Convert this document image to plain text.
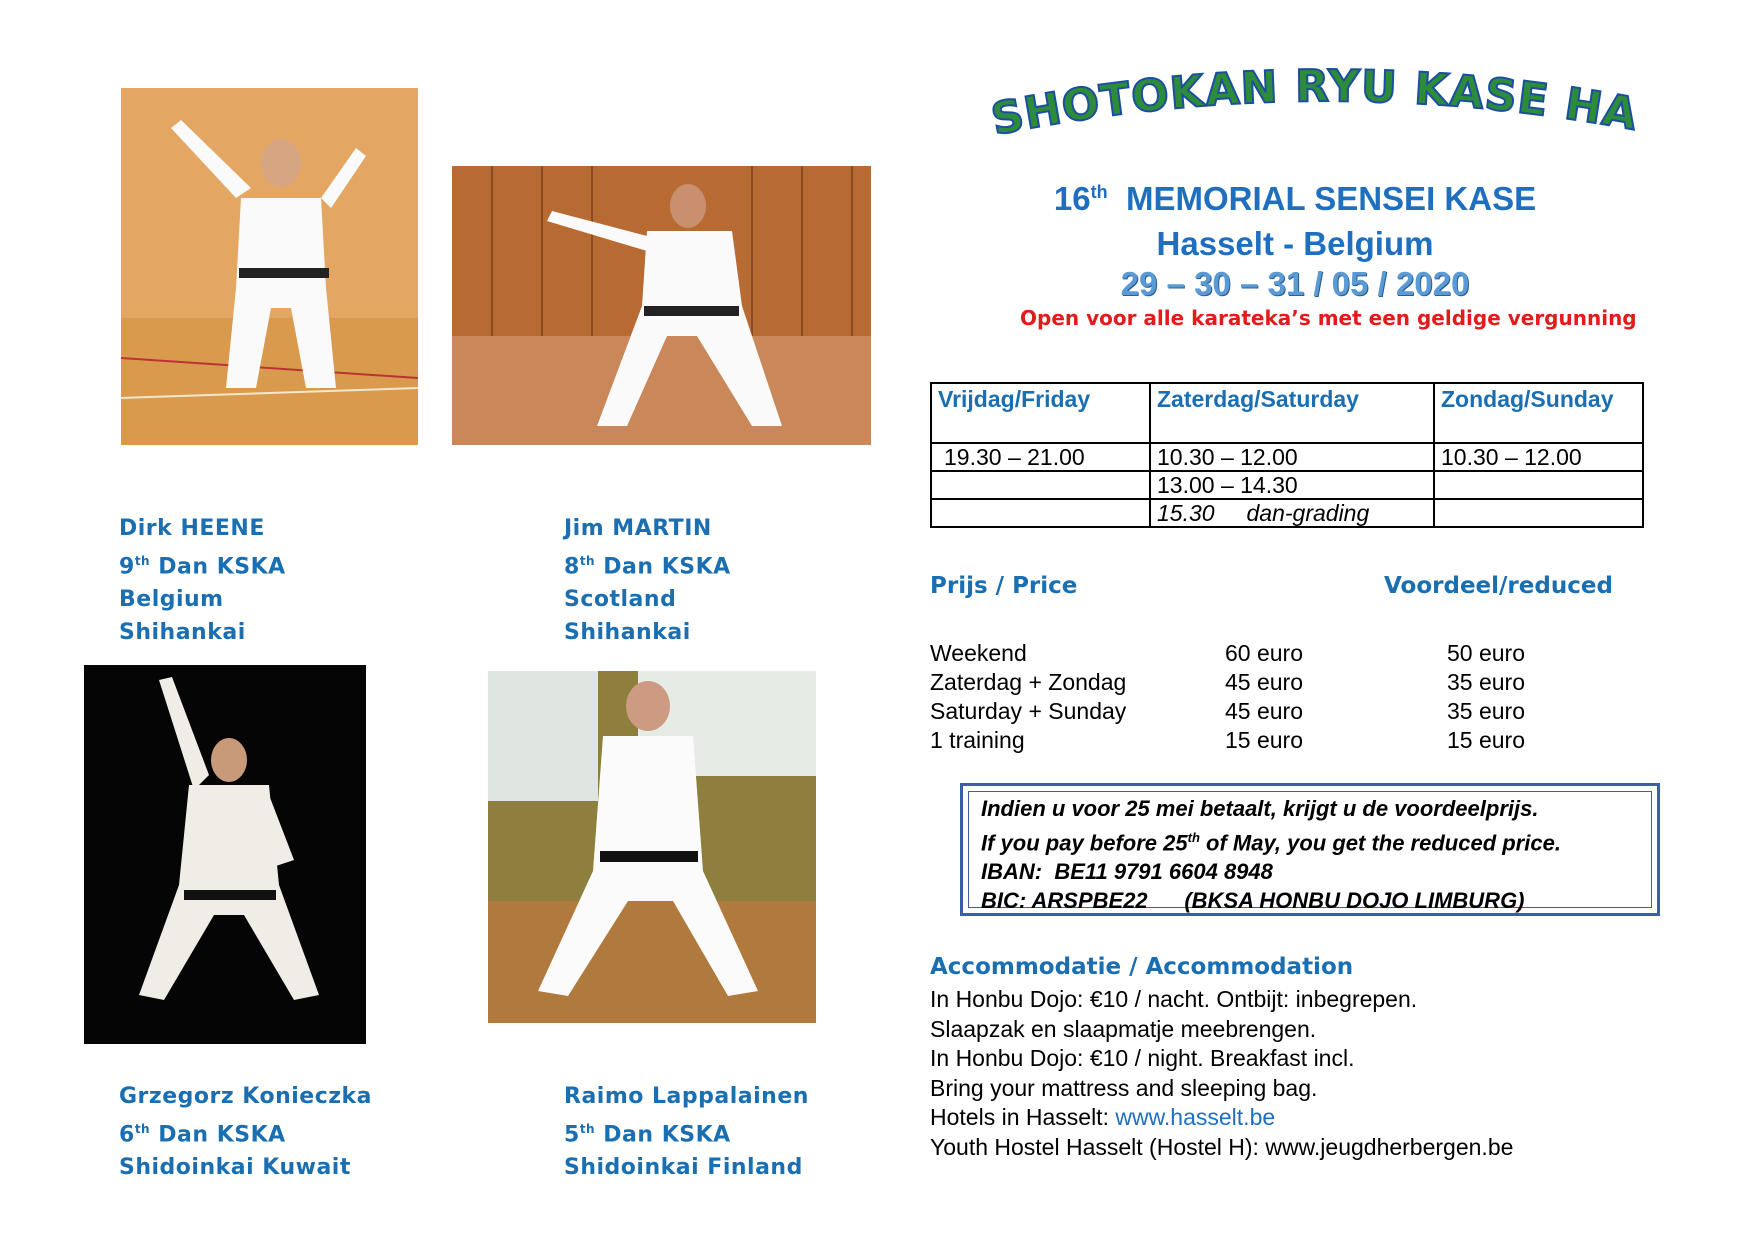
Dirk HEENE
9th Dan KSKA
Belgium
Shihankai
Jim MARTIN
8th Dan KSKA
Scotland
Shihankai
Grzegorz Konieczka
6th Dan KSKA
Shidoinkai Kuwait
Raimo Lappalainen
5th Dan KSKA
Shidoinkai Finland
SHOTOKAN RYU KASE HA
16th MEMORIAL SENSEI KASE
Hasselt - Belgium
29 – 30 – 31 / 05 / 2020
Open voor alle karateka’s met een geldige vergunning
Vrijdag/Friday	Zaterdag/Saturday	Zondag/Sunday
19.30 – 21.00	10.30 – 12.00	10.30 – 12.00
	13.00 – 14.30	
	15.30     dan-grading	
Prijs / Price	Voordeel/reduced
Weekend	60 euro	50 euro
Zaterdag + Zondag	45 euro	35 euro
Saturday + Sunday	45 euro	35 euro
1 training	15 euro	15 euro
Indien u voor 25 mei betaalt, krijgt u de voordeelprijs.
If you pay before 25th of May, you get the reduced price.
IBAN:  BE11 9791 6604 8948
BIC: ARSPBE22      (BKSA HONBU DOJO LIMBURG)
Accommodatie / Accommodation
In Honbu Dojo: €10 / nacht. Ontbijt: inbegrepen.
Slaapzak en slaapmatje meebrengen.
In Honbu Dojo: €10 / night. Breakfast incl.
Bring your mattress and sleeping bag.
Hotels in Hasselt: www.hasselt.be
Youth Hostel Hasselt (Hostel H): www.jeugdherbergen.be
